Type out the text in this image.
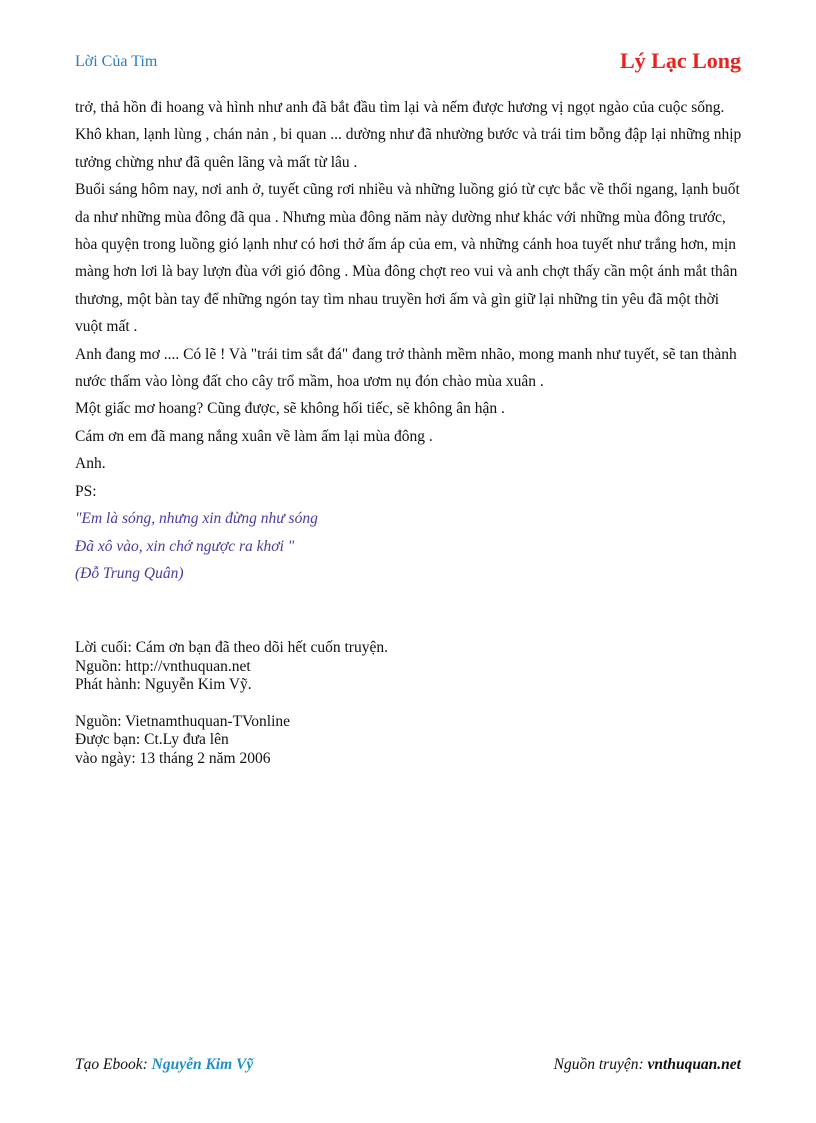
Lời Của Tim	Lý Lạc Long

trở, thả hồn đi hoang và hình như anh đã bắt đầu tìm lại và nếm được hương vị ngọt ngào của cuộc sống. Khô khan, lạnh lùng , chán nản , bi quan ... dường như đã nhường bước và trái tim bỗng đập lại những nhịp tưởng chừng như đã quên lãng và mất từ lâu .

Buổi sáng hôm nay, nơi anh ở, tuyết cũng rơi nhiều và những luồng gió từ cực bắc về thổi ngang, lạnh buốt da như những mùa đông đã qua . Nhưng mùa đông năm này dường như khác với những mùa đông trước, hòa quyện trong luồng gió lạnh như có hơi thở ấm áp của em, và những cánh hoa tuyết như trắng hơn, mịn màng hơn lơi là bay lượn đùa với gió đông . Mùa đông chợt reo vui và anh chợt thấy cần một ánh mắt thân thương, một bàn tay để những ngón tay tìm nhau truyền hơi ấm và gìn giữ lại những tin yêu đã một thời vuột mất .

Anh đang mơ .... Có lẽ ! Và "trái tim sắt đá" đang trở thành mềm nhão, mong manh như tuyết, sẽ tan thành nước thấm vào lòng đất cho cây trổ mầm, hoa ươm nụ đón chào mùa xuân .

Một giấc mơ hoang? Cũng được, sẽ không hối tiếc, sẽ không ân hận .

Cám ơn em đã mang nắng xuân về làm ấm lại mùa đông .

Anh.

PS:

"Em là sóng, nhưng xin đừng như sóng

Đã xô vào, xin chớ ngược ra khơi "

(Đỗ Trung Quân)

Lời cuối: Cám ơn bạn đã theo dõi hết cuốn truyện.

Nguồn: http://vnthuquan.net

Phát hành: Nguyễn Kim Vỹ.

Nguồn: Vietnamthuquan-TVonline

Được bạn: Ct.Ly đưa lên

vào ngày: 13 tháng 2 năm 2006

Tạo Ebook: Nguyễn Kim Vỹ	Nguồn truyện: vnthuquan.net
